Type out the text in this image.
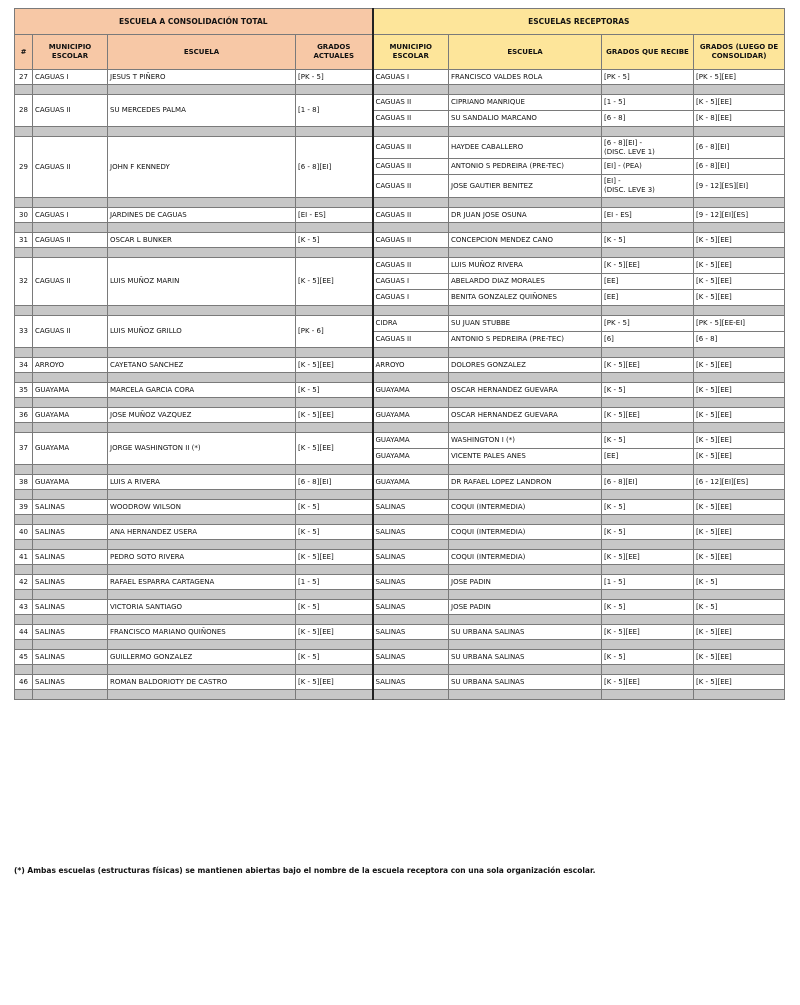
ESCUELA A CONSOLIDACIÓN TOTAL				ESCUELAS RECEPTORAS			
#	MUNICIPIO ESCOLAR	ESCUELA	GRADOS ACTUALES	MUNICIPIO ESCOLAR	ESCUELA	GRADOS QUE RECIBE	GRADOS (LUEGO DE CONSOLIDAR)
27	CAGUAS I	JESUS T PIÑERO	[PK - 5]	CAGUAS I	FRANCISCO VALDES ROLA	[PK - 5]	[PK - 5][EE]

28	CAGUAS II	SU MERCEDES PALMA	[1 - 8]	CAGUAS II	CIPRIANO MANRIQUE	[1 - 5]	[K - 5][EE]
				CAGUAS II	SU SANDALIO MARCANO	[6 - 8]	[K - 8][EE]

29	CAGUAS II	JOHN F KENNEDY	[6 - 8][EI]	CAGUAS II	HAYDEE CABALLERO	[6 - 8][EI] -
(DISC. LEVE 1)	[6 - 8][EI]
				CAGUAS II	ANTONIO S PEDREIRA (PRE-TEC)	[EI] - (PEA)	[6 - 8][EI]
				CAGUAS II	JOSE GAUTIER BENITEZ	[EI] -
(DISC. LEVE 3)	[9 - 12][ES][EI]

30	CAGUAS I	JARDINES DE CAGUAS	[EI - ES]	CAGUAS II	DR JUAN JOSE OSUNA	[EI - ES]	[9 - 12][EI][ES]

31	CAGUAS II	OSCAR L BUNKER	[K - 5]	CAGUAS II	CONCEPCION MENDEZ CANO	[K - 5]	[K - 5][EE]

32	CAGUAS II	LUIS MUÑOZ MARIN	[K - 5][EE]	CAGUAS II	LUIS MUÑOZ RIVERA	[K - 5][EE]	[K - 5][EE]
				CAGUAS I	ABELARDO DIAZ MORALES	[EE]	[K - 5][EE]
				CAGUAS I	BENITA GONZALEZ QUIÑONES	[EE]	[K - 5][EE]

33	CAGUAS II	LUIS MUÑOZ GRILLO	[PK - 6]	CIDRA	SU JUAN STUBBE	[PK - 5]	[PK - 5][EE-EI]
				CAGUAS II	ANTONIO S PEDREIRA (PRE-TEC)	[6]	[6 - 8]

34	ARROYO	CAYETANO SANCHEZ	[K - 5][EE]	ARROYO	DOLORES GONZALEZ	[K - 5][EE]	[K - 5][EE]

35	GUAYAMA	MARCELA GARCIA CORA	[K - 5]	GUAYAMA	OSCAR HERNANDEZ GUEVARA	[K - 5]	[K - 5][EE]

36	GUAYAMA	JOSE MUÑOZ VAZQUEZ	[K - 5][EE]	GUAYAMA	OSCAR HERNANDEZ GUEVARA	[K - 5][EE]	[K - 5][EE]

37	GUAYAMA	JORGE WASHINGTON II (*)	[K - 5][EE]	GUAYAMA	WASHINGTON I (*)	[K - 5]	[K - 5][EE]
				GUAYAMA	VICENTE PALES ANES	[EE]	[K - 5][EE]

38	GUAYAMA	LUIS A RIVERA	[6 - 8][EI]	GUAYAMA	DR RAFAEL LOPEZ LANDRON	[6 - 8][EI]	[6 - 12][EI][ES]

39	SALINAS	WOODROW WILSON	[K - 5]	SALINAS	COQUI (INTERMEDIA)	[K - 5]	[K - 5][EE]

40	SALINAS	ANA HERNANDEZ USERA	[K - 5]	SALINAS	COQUI (INTERMEDIA)	[K - 5]	[K - 5][EE]

41	SALINAS	PEDRO SOTO RIVERA	[K - 5][EE]	SALINAS	COQUI (INTERMEDIA)	[K - 5][EE]	[K - 5][EE]

42	SALINAS	RAFAEL ESPARRA CARTAGENA	[1 - 5]	SALINAS	JOSE PADIN	[1 - 5]	[K - 5]

43	SALINAS	VICTORIA SANTIAGO	[K - 5]	SALINAS	JOSE PADIN	[K - 5]	[K - 5]

44	SALINAS	FRANCISCO MARIANO QUIÑONES	[K - 5][EE]	SALINAS	SU URBANA SALINAS	[K - 5][EE]	[K - 5][EE]

45	SALINAS	GUILLERMO GONZALEZ	[K - 5]	SALINAS	SU URBANA SALINAS	[K - 5]	[K - 5][EE]

46	SALINAS	ROMAN BALDORIOTY DE CASTRO	[K - 5][EE]	SALINAS	SU URBANA SALINAS	[K - 5][EE]	[K - 5][EE]

(*) Ambas escuelas (estructuras físicas) se mantienen abiertas bajo el nombre de la escuela receptora con una sola organización escolar.
